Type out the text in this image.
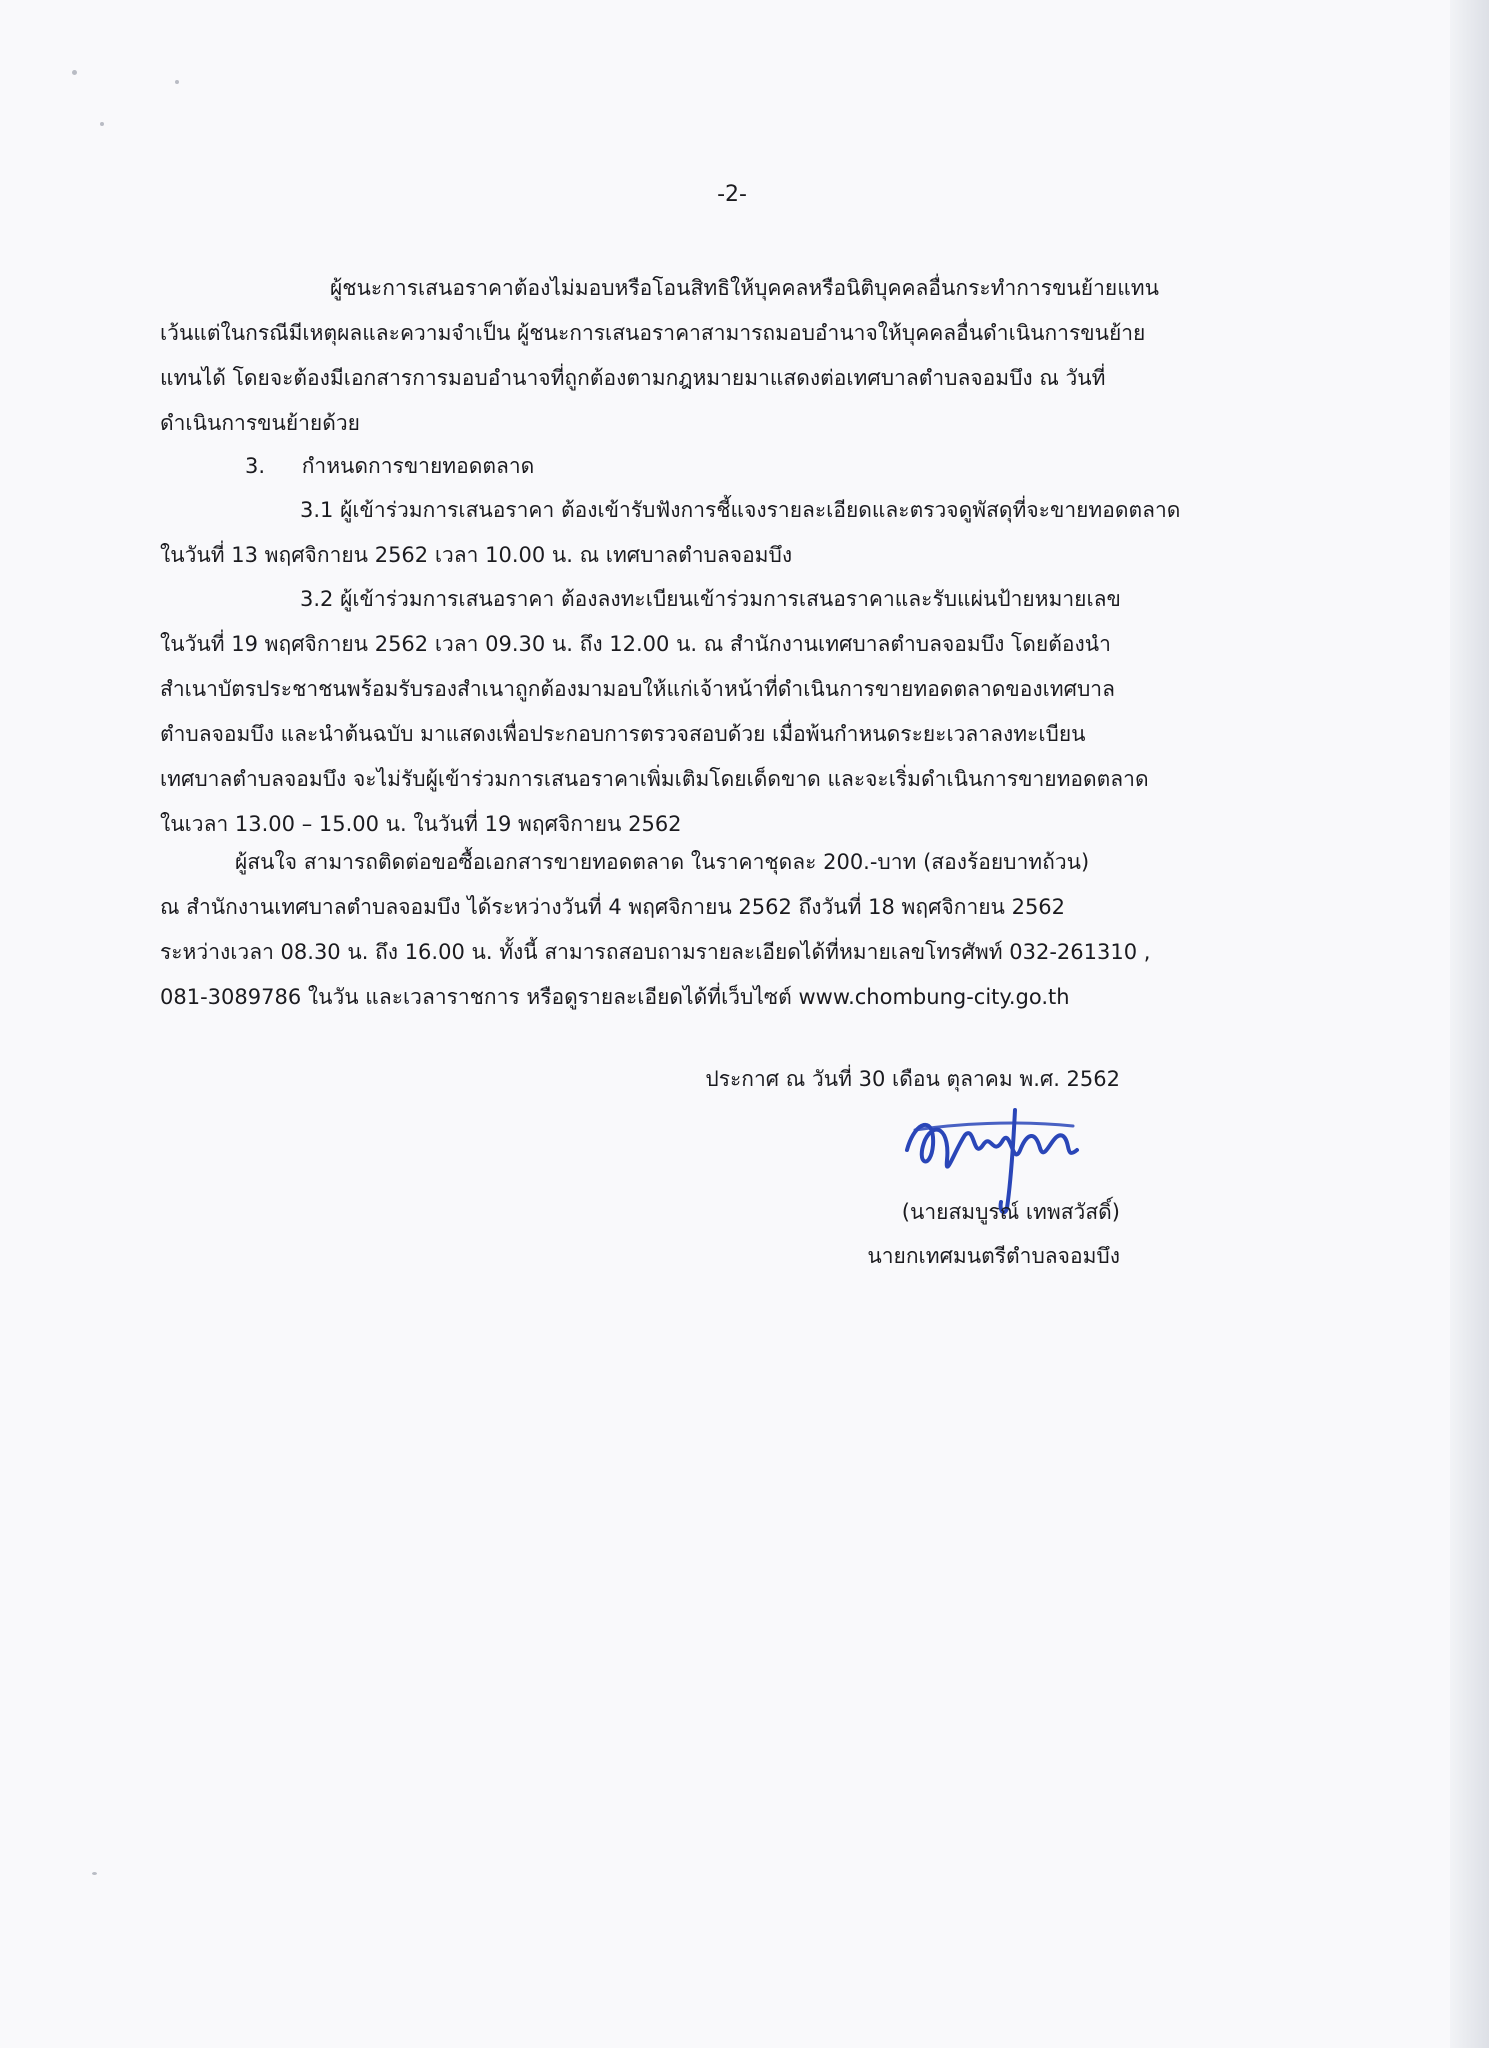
-2-

ผู้ชนะการเสนอราคาต้องไม่มอบหรือโอนสิทธิให้บุคคลหรือนิติบุคคลอื่นกระทำการขนย้ายแทน
เว้นแต่ในกรณีมีเหตุผลและความจำเป็น ผู้ชนะการเสนอราคาสามารถมอบอำนาจให้บุคคลอื่นดำเนินการขนย้าย
แทนได้ โดยจะต้องมีเอกสารการมอบอำนาจที่ถูกต้องตามกฎหมายมาแสดงต่อเทศบาลตำบลจอมบึง ณ วันที่
ดำเนินการขนย้ายด้วย

3. กำหนดการขายทอดตลาด

3.1 ผู้เข้าร่วมการเสนอราคา ต้องเข้ารับฟังการชี้แจงรายละเอียดและตรวจดูพัสดุที่จะขายทอดตลาด
ในวันที่ 13 พฤศจิกายน 2562 เวลา 10.00 น. ณ เทศบาลตำบลจอมบึง

3.2 ผู้เข้าร่วมการเสนอราคา ต้องลงทะเบียนเข้าร่วมการเสนอราคาและรับแผ่นป้ายหมายเลข
ในวันที่ 19 พฤศจิกายน 2562 เวลา 09.30 น. ถึง 12.00 น. ณ สำนักงานเทศบาลตำบลจอมบึง โดยต้องนำ
สำเนาบัตรประชาชนพร้อมรับรองสำเนาถูกต้องมามอบให้แก่เจ้าหน้าที่ดำเนินการขายทอดตลาดของเทศบาล
ตำบลจอมบึง และนำต้นฉบับ มาแสดงเพื่อประกอบการตรวจสอบด้วย เมื่อพ้นกำหนดระยะเวลาลงทะเบียน
เทศบาลตำบลจอมบึง จะไม่รับผู้เข้าร่วมการเสนอราคาเพิ่มเติมโดยเด็ดขาด และจะเริ่มดำเนินการขายทอดตลาด
ในเวลา 13.00 – 15.00 น. ในวันที่ 19 พฤศจิกายน 2562

ผู้สนใจ สามารถติดต่อขอซื้อเอกสารขายทอดตลาด ในราคาชุดละ 200.-บาท (สองร้อยบาทถ้วน)
ณ สำนักงานเทศบาลตำบลจอมบึง ได้ระหว่างวันที่ 4 พฤศจิกายน 2562 ถึงวันที่ 18 พฤศจิกายน 2562
ระหว่างเวลา 08.30 น. ถึง 16.00 น. ทั้งนี้ สามารถสอบถามรายละเอียดได้ที่หมายเลขโทรศัพท์ 032-261310 ,
081-3089786 ในวัน และเวลาราชการ หรือดูรายละเอียดได้ที่เว็บไซต์ www.chombung-city.go.th

ประกาศ ณ วันที่ 30 เดือน ตุลาคม พ.ศ. 2562
(นายสมบูรณ์ เทพสวัสดิ์)
นายกเทศมนตรีตำบลจอมบึง
